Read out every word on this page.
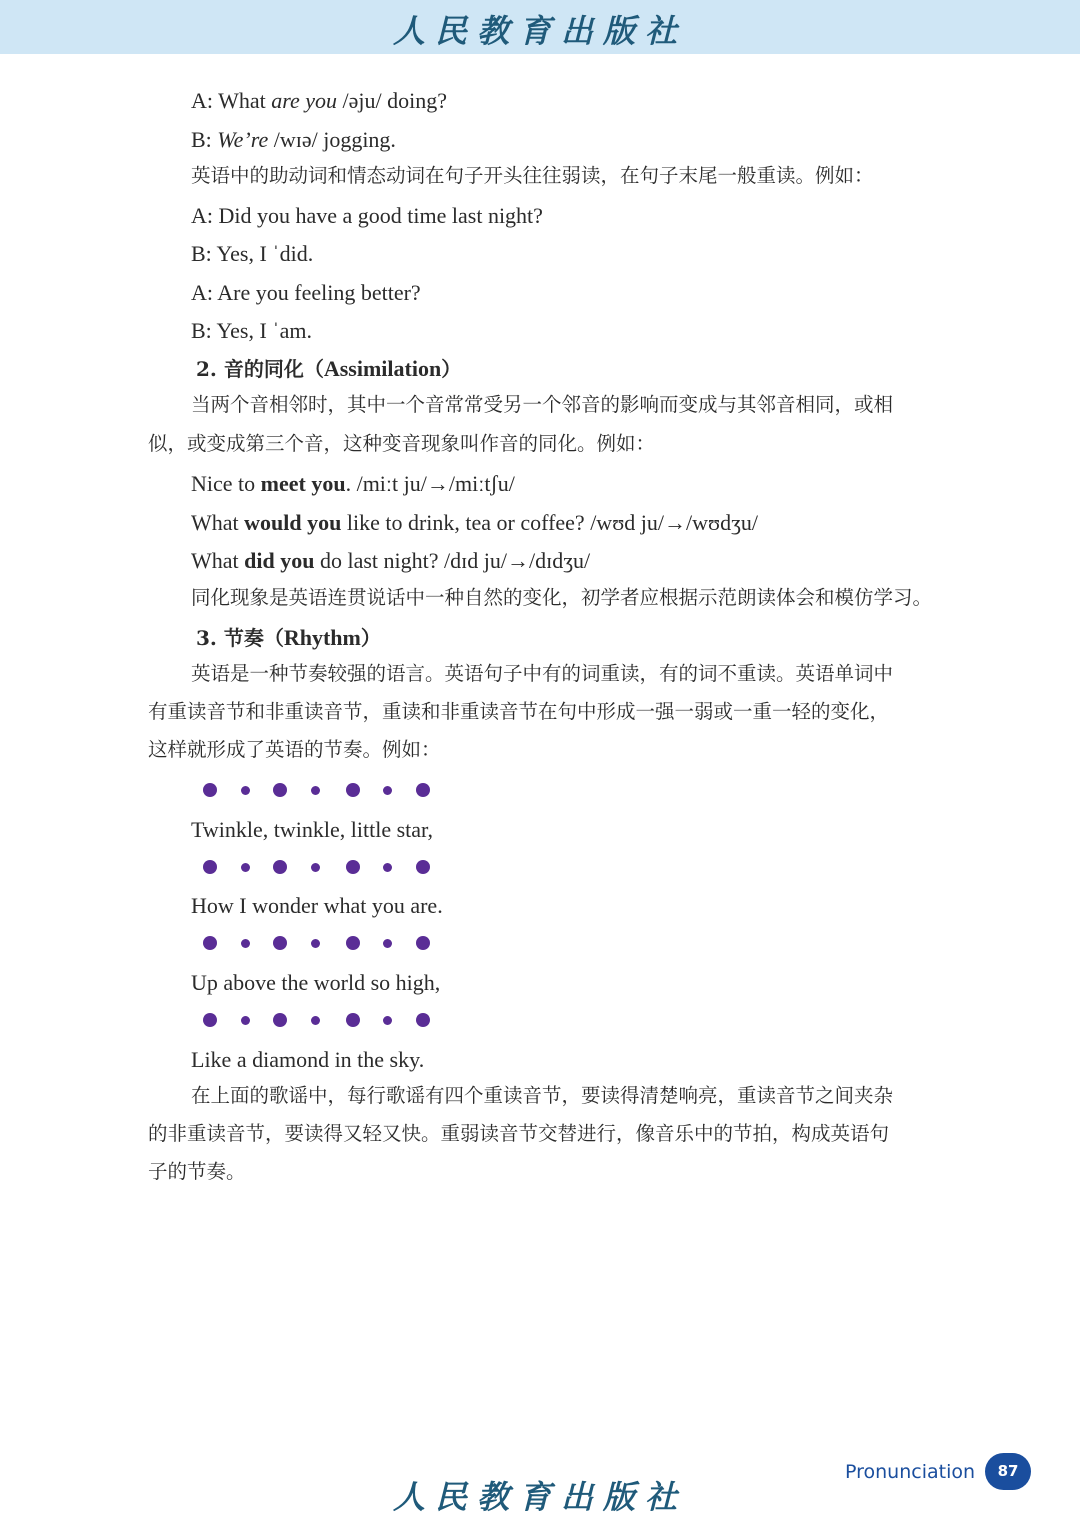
人民教育出版社
A: What are you /əju/ doing?
B: We’re /wɪə/ jogging.
英语中的助动词和情态动词在句子开头往往弱读，在句子末尾一般重读。例如：
A: Did you have a good time last night?
B: Yes, I ˈdid.
A: Are you feeling better?
B: Yes, I ˈam.
2. 音的同化（Assimilation）
当两个音相邻时，其中一个音常常受另一个邻音的影响而变成与其邻音相同，或相
似，或变成第三个音，这种变音现象叫作音的同化。例如：
Nice to meet you. /miːt ju/→/miːtʃu/
What would you like to drink, tea or coffee? /wʊd ju/→/wʊdʒu/
What did you do last night? /dɪd ju/→/dɪdʒu/
同化现象是英语连贯说话中一种自然的变化，初学者应根据示范朗读体会和模仿学习。
3. 节奏（Rhythm）
英语是一种节奏较强的语言。英语句子中有的词重读，有的词不重读。英语单词中
有重读音节和非重读音节，重读和非重读音节在句中形成一强一弱或一重一轻的变化，
这样就形成了英语的节奏。例如：
Twinkle, twinkle, little star,
How I wonder what you are.
Up above the world so high,
Like a diamond in the sky.
在上面的歌谣中，每行歌谣有四个重读音节，要读得清楚响亮，重读音节之间夹杂
的非重读音节，要读得又轻又快。重弱读音节交替进行，像音乐中的节拍，构成英语句
子的节奏。
人民教育出版社
Pronunciation	87
